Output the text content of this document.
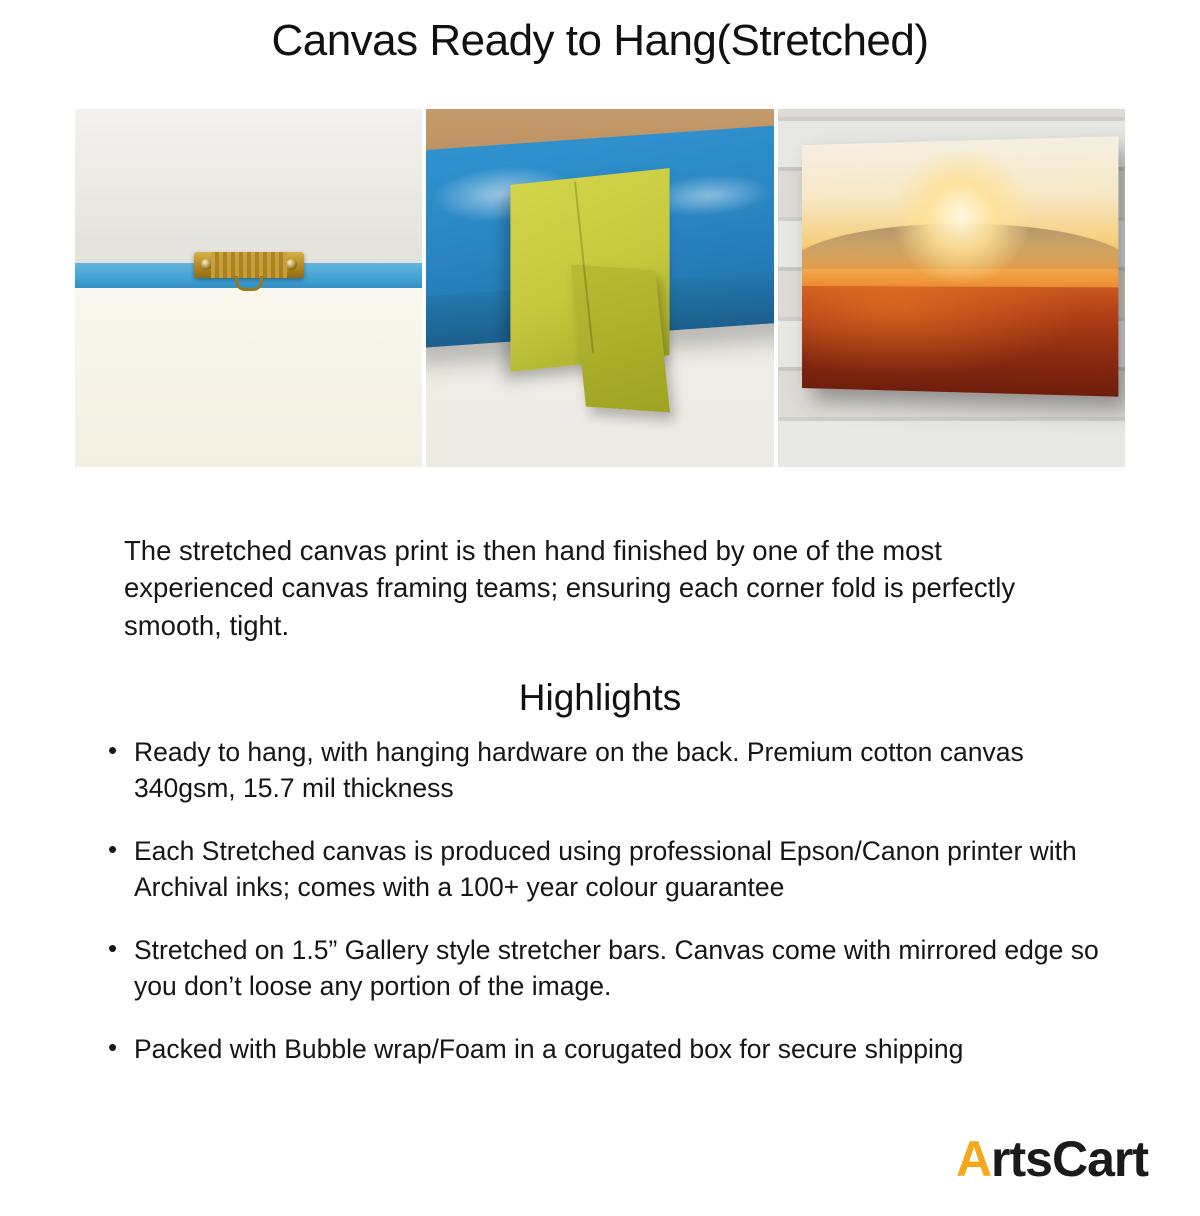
Canvas Ready to Hang(Stretched)

The stretched canvas print is then hand finished by one of the most experienced canvas framing teams; ensuring each corner fold is perfectly smooth, tight.

Highlights
• Ready to hang, with hanging hardware on the back. Premium cotton canvas 340gsm, 15.7 mil thickness
• Each Stretched canvas is produced using professional Epson/Canon printer with Archival inks; comes with a 100+ year colour guarantee
• Stretched on 1.5” Gallery style stretcher bars. Canvas come with mirrored edge so you don’t loose any portion of the image.
• Packed with Bubble wrap/Foam in a corugated box for secure shipping
A rts Cart
